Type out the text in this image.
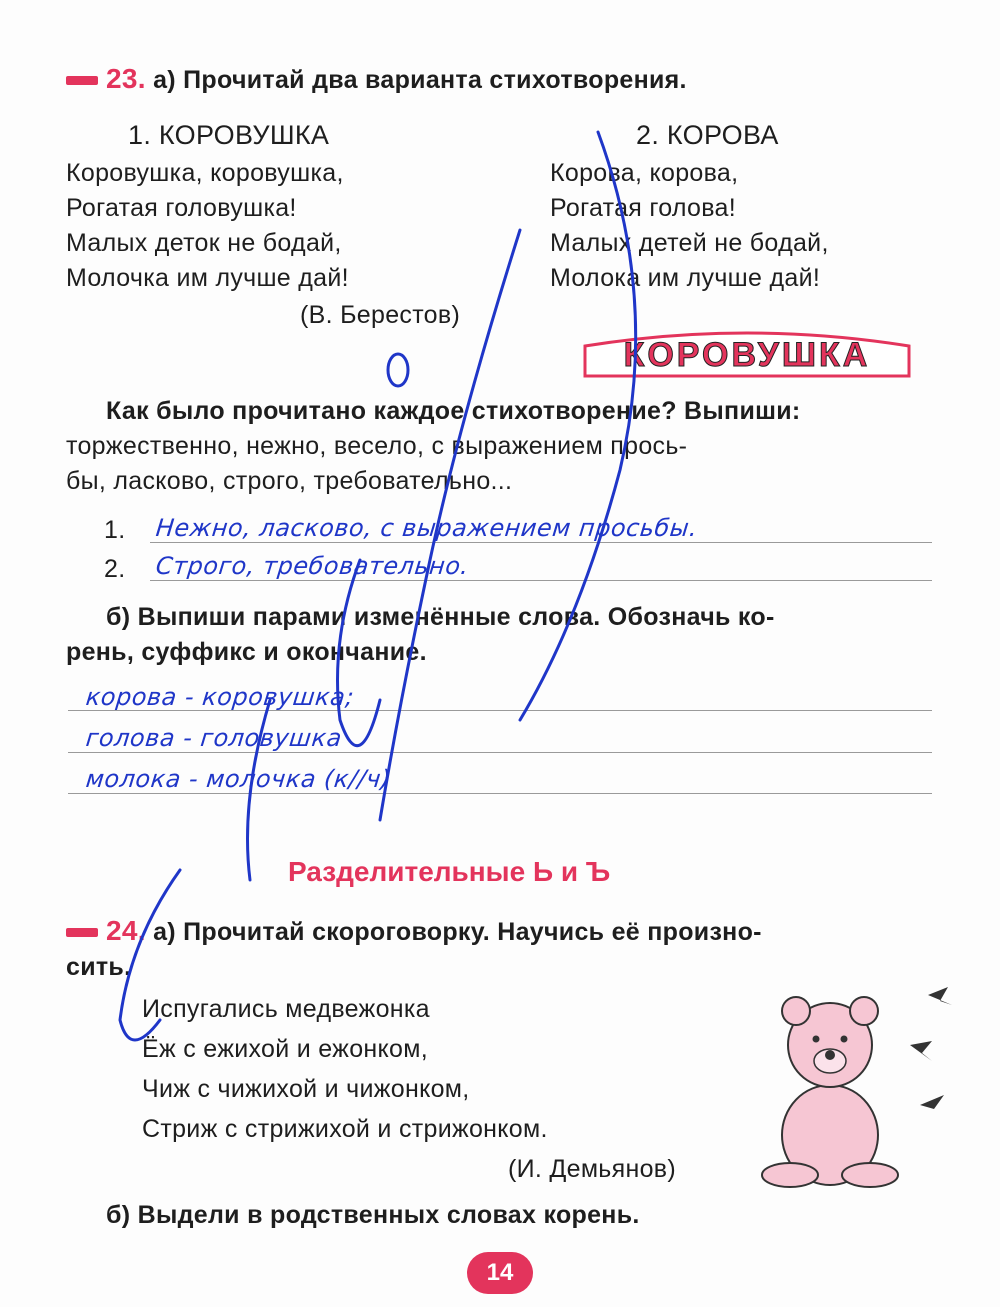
23. а) Прочитай два варианта стихотворения.
1. КОРОВУШКА
Коровушка, коровушка,
Рогатая головушка!
Малых деток не бодай,
Молочка им лучше дай!
(В. Берестов)
2. КОРОВА
Корова, корова,
Рогатая голова!
Малых детей не бодай,
Молока им лучше дай!
КОРОВУШКА
Как было прочитано каждое стихотворение? Выпиши:
торжественно, нежно, весело, с выражением прось-
бы, ласково, строго, требовательно...
1. Нежно, ласково, с выражением просьбы.
2. Строго, требовательно.
б) Выпиши парами изменённые слова. Обозначь ко-
рень, суффикс и окончание.
корова - коровушка;
голова - головушка
молока - молочка (к//ч)
Разделительные Ь и Ъ
24. а) Прочитай скороговорку. Научись её произно-
сить.
Испугались медвежонка
Ёж с ежихой и ежонком,
Чиж с чижихой и чижонком,
Стриж с стрижихой и стрижонком.
(И. Демьянов)
б) Выдели в родственных словах корень.
14
